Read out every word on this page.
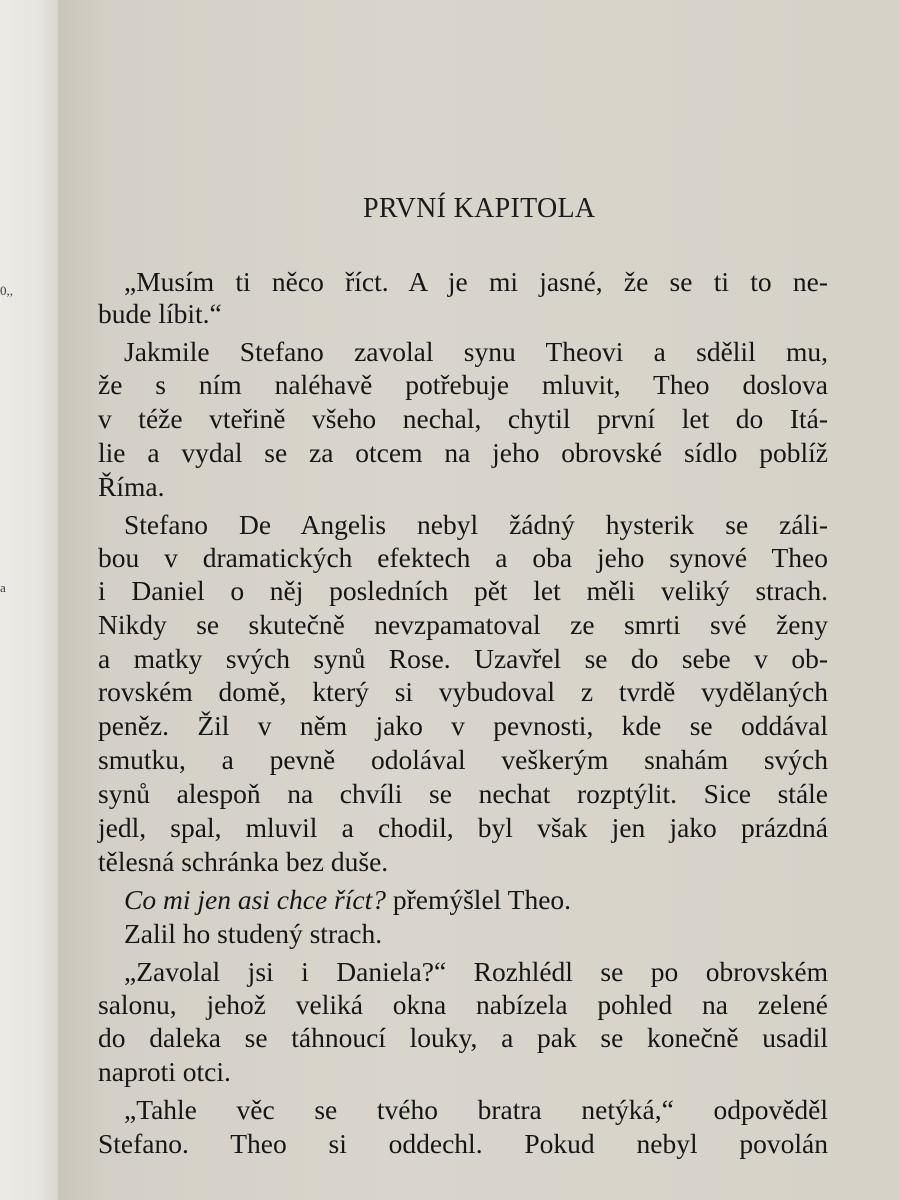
0,,
a
PRVNÍ KAPITOLA
„Musím ti něco říct. A je mi jasné, že se ti to ne-
bude líbit.“
Jakmile Stefano zavolal synu Theovi a sdělil mu,
že s ním naléhavě potřebuje mluvit, Theo doslova
v téže vteřině všeho nechal, chytil první let do Itá-
lie a vydal se za otcem na jeho obrovské sídlo poblíž
Říma.
Stefano De Angelis nebyl žádný hysterik se záli-
bou v dramatických efektech a oba jeho synové Theo
i Daniel o něj posledních pět let měli veliký strach.
Nikdy se skutečně nevzpamatoval ze smrti své ženy
a matky svých synů Rose. Uzavřel se do sebe v ob-
rovském domě, který si vybudoval z tvrdě vydělaných
peněz. Žil v něm jako v pevnosti, kde se oddával
smutku, a pevně odolával veškerým snahám svých
synů alespoň na chvíli se nechat rozptýlit. Sice stále
jedl, spal, mluvil a chodil, byl však jen jako prázdná
tělesná schránka bez duše.
Co mi jen asi chce říct? přemýšlel Theo.
Zalil ho studený strach.
„Zavolal jsi i Daniela?“ Rozhlédl se po obrovském
salonu, jehož veliká okna nabízela pohled na zelené
do daleka se táhnoucí louky, a pak se konečně usadil
naproti otci.
„Tahle věc se tvého bratra netýká,“ odpověděl
Stefano. Theo si oddechl. Pokud nebyl povolán
